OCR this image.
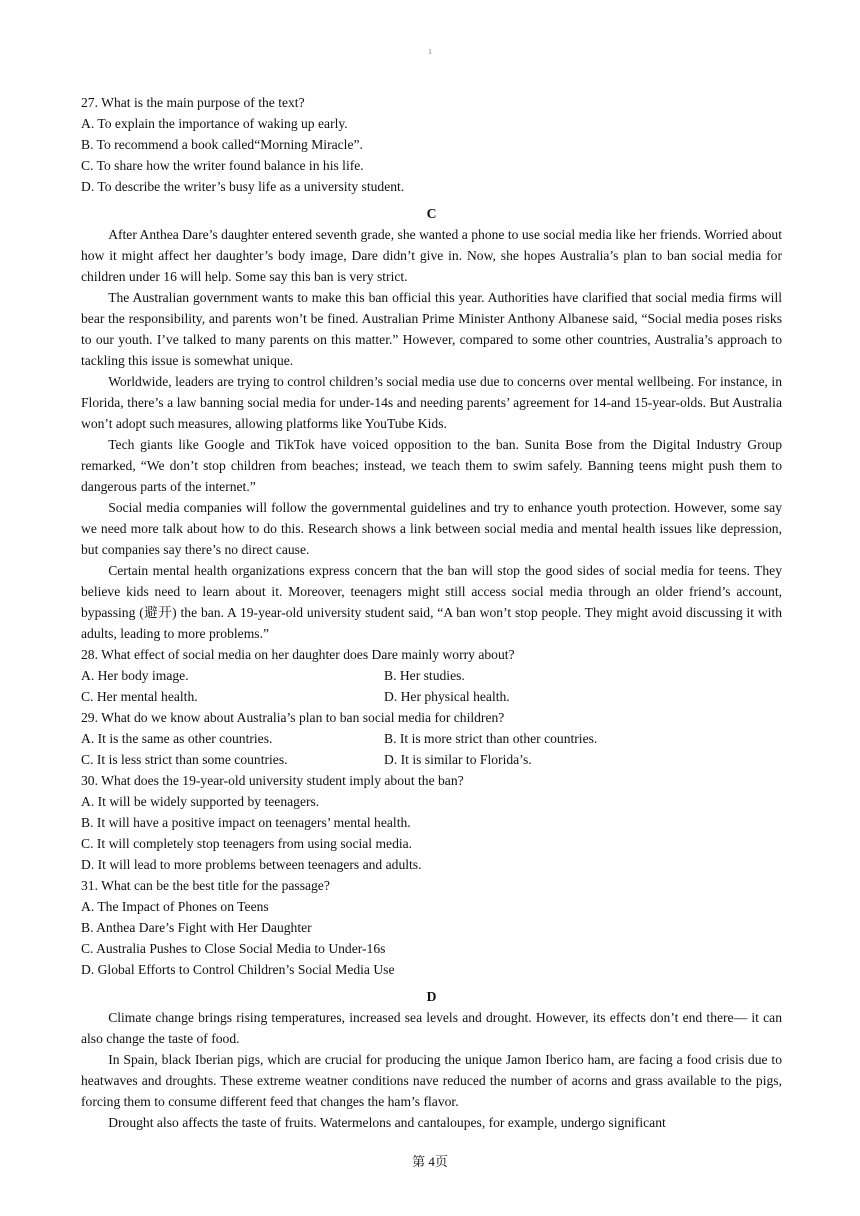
1
27. What is the main purpose of the text?
A. To explain the importance of waking up early.
B. To recommend a book called“Morning Miracle”.
C. To share how the writer found balance in his life.
D. To describe the writer’s busy life as a university student.
C

After Anthea Dare’s daughter entered seventh grade, she wanted a phone to use social media like her friends. Worried about how it might affect her daughter’s body image, Dare didn’t give in. Now, she hopes Australia’s plan to ban social media for children under 16 will help. Some say this ban is very strict.

The Australian government wants to make this ban official this year. Authorities have clarified that social media firms will bear the responsibility, and parents won’t be fined. Australian Prime Minister Anthony Albanese said, “Social media poses risks to our youth. I’ve talked to many parents on this matter.” However, compared to some other countries, Australia’s approach to tackling this issue is somewhat unique.

Worldwide, leaders are trying to control children’s social media use due to concerns over mental wellbeing. For instance, in Florida, there’s a law banning social media for under-14s and needing parents’ agreement for 14-and 15-year-olds. But Australia won’t adopt such measures, allowing platforms like YouTube Kids.

Tech giants like Google and TikTok have voiced opposition to the ban. Sunita Bose from the Digital Industry Group remarked, “We don’t stop children from beaches; instead, we teach them to swim safely. Banning teens might push them to dangerous parts of the internet.”

Social media companies will follow the governmental guidelines and try to enhance youth protection. However, some say we need more talk about how to do this. Research shows a link between social media and mental health issues like depression, but companies say there’s no direct cause.

Certain mental health organizations express concern that the ban will stop the good sides of social media for teens. They believe kids need to learn about it. Moreover, teenagers might still access social media through an older friend’s account, bypassing (避开) the ban. A 19-year-old university student said, “A ban won’t stop people. They might avoid discussing it with adults, leading to more problems.”

28. What effect of social media on her daughter does Dare mainly worry about?
A. Her body image.	B. Her studies.
C. Her mental health.	D. Her physical health.
29. What do we know about Australia’s plan to ban social media for children?
A. It is the same as other countries.	B. It is more strict than other countries.
C. It is less strict than some countries.	D. It is similar to Florida’s.
30. What does the 19-year-old university student imply about the ban?
A. It will be widely supported by teenagers.
B. It will have a positive impact on teenagers’ mental health.
C. It will completely stop teenagers from using social media.
D. It will lead to more problems between teenagers and adults.
31. What can be the best title for the passage?
A. The Impact of Phones on Teens
B. Anthea Dare’s Fight with Her Daughter
C. Australia Pushes to Close Social Media to Under-16s
D. Global Efforts to Control Children’s Social Media Use
D

Climate change brings rising temperatures, increased sea levels and drought. However, its effects don’t end there— it can also change the taste of food.

In Spain, black Iberian pigs, which are crucial for producing the unique Jamon Iberico ham, are facing a food crisis due to heatwaves and droughts. These extreme weatner conditions nave reduced the number of acorns and grass available to the pigs, forcing them to consume different feed that changes the ham’s flavor.

Drought also affects the taste of fruits. Watermelons and cantaloupes, for example, undergo significant

第 4页
